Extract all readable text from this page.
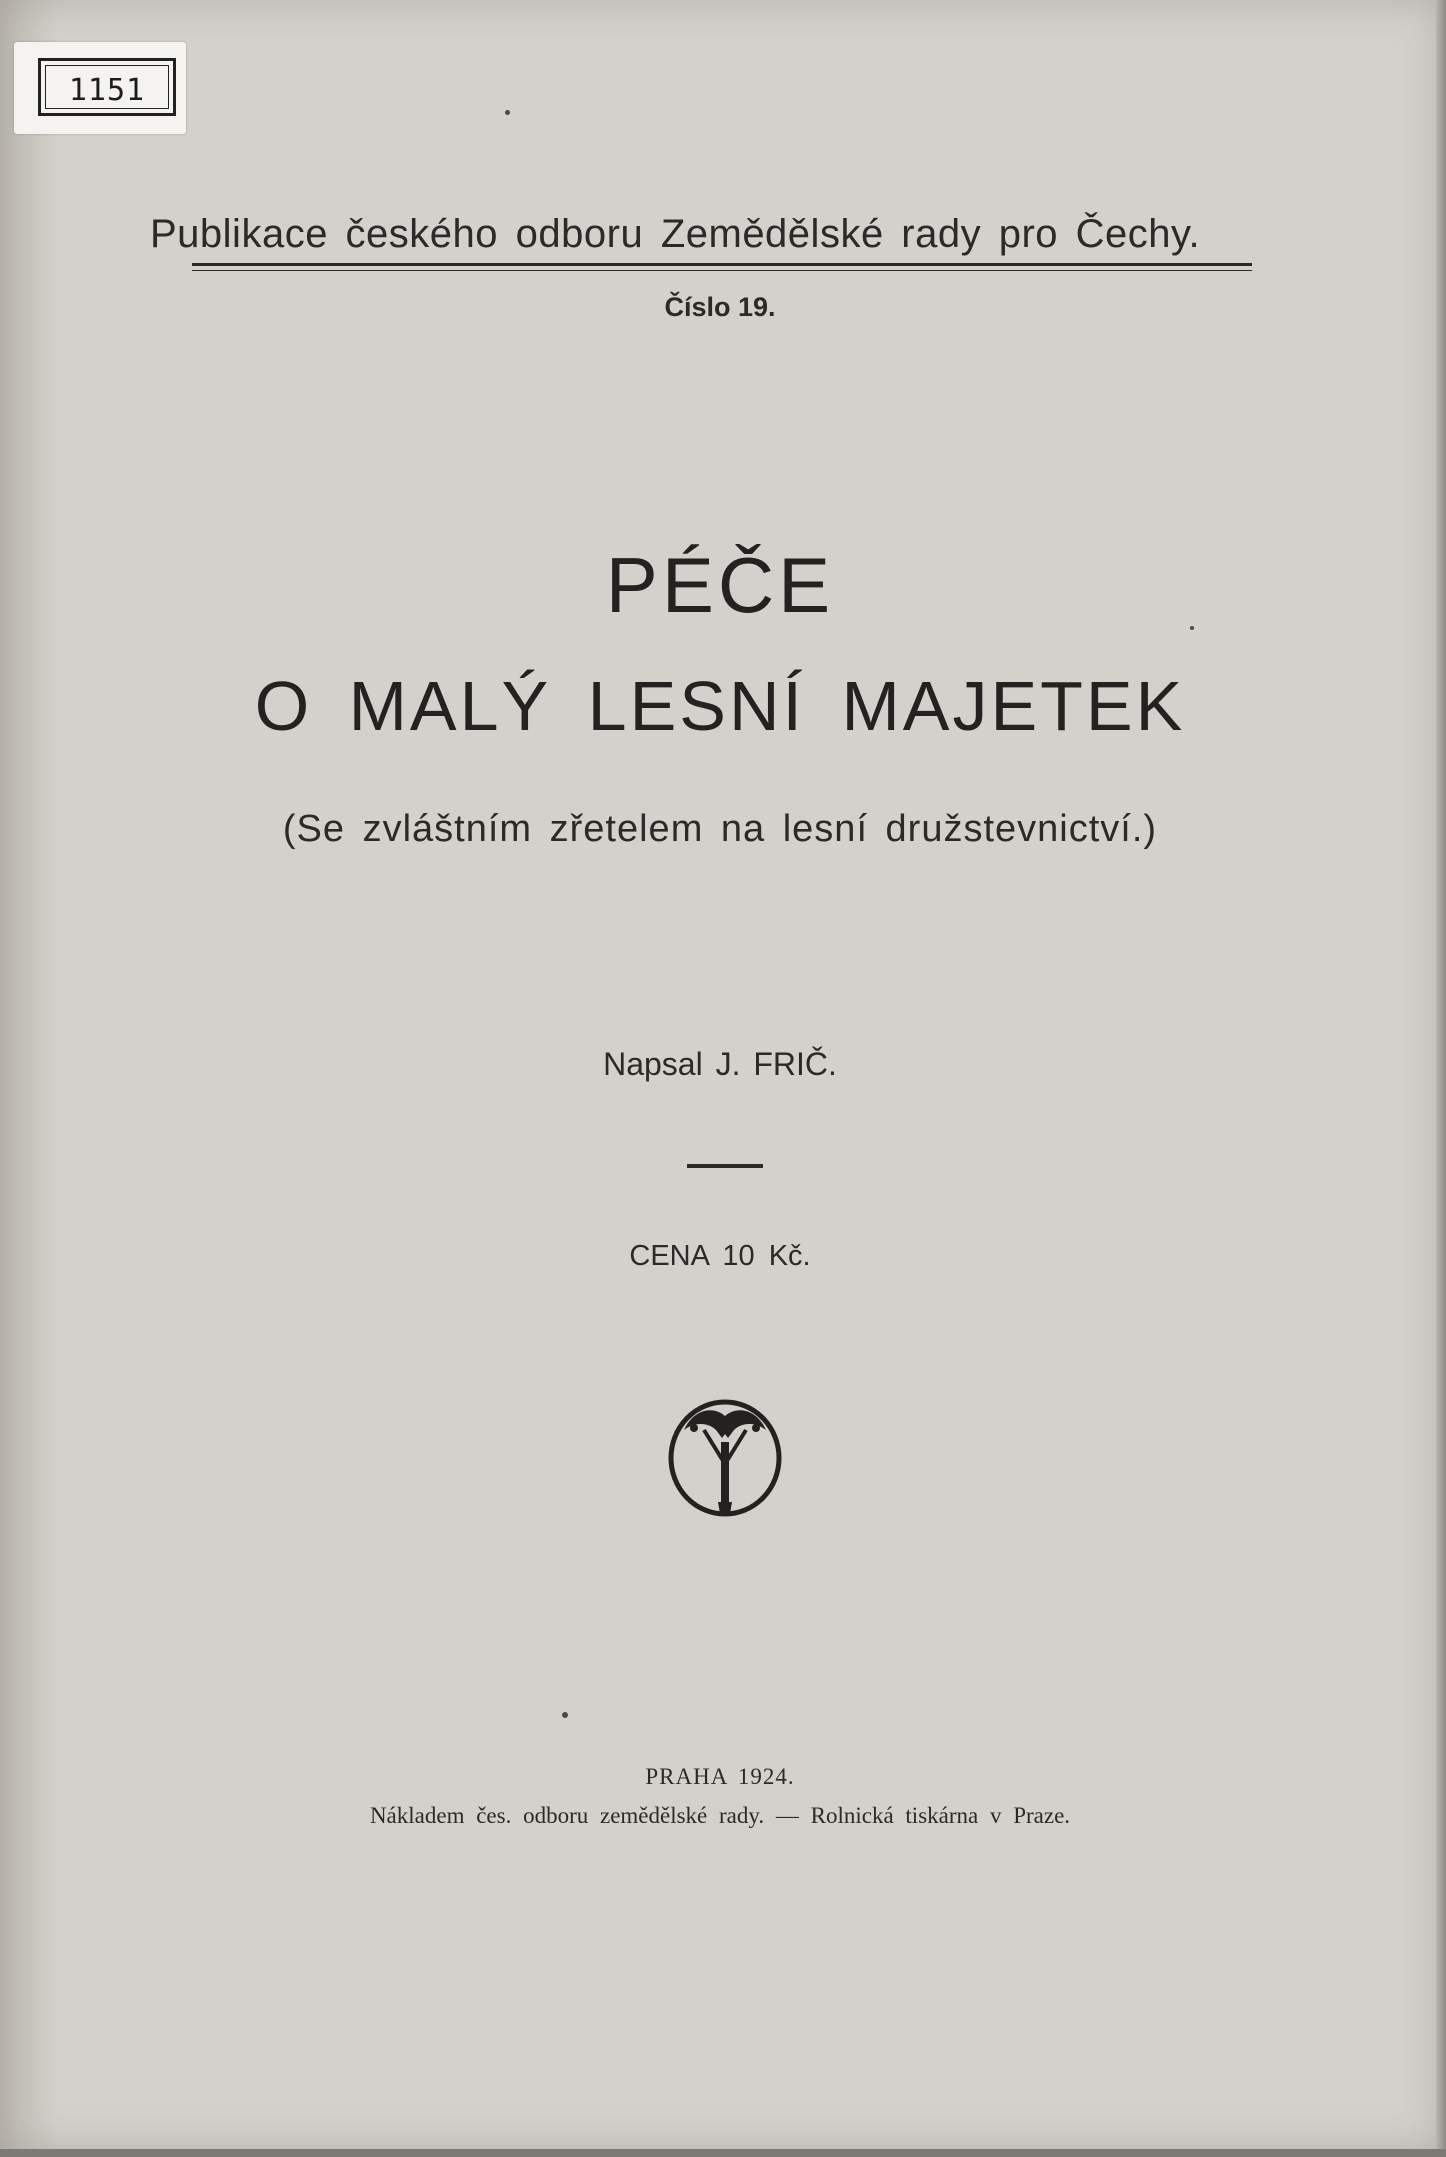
1151
Publikace českého odboru Zemědělské rady pro Čechy.
Číslo 19.
PÉČE
O MALÝ LESNÍ MAJETEK
(Se zvláštním zřetelem na lesní družstevnictví.)
Napsal J. FRIČ.
CENA 10 Kč.
PRAHA 1924.
Nákladem čes. odboru zemědělské rady. — Rolnická tiskárna v Praze.
